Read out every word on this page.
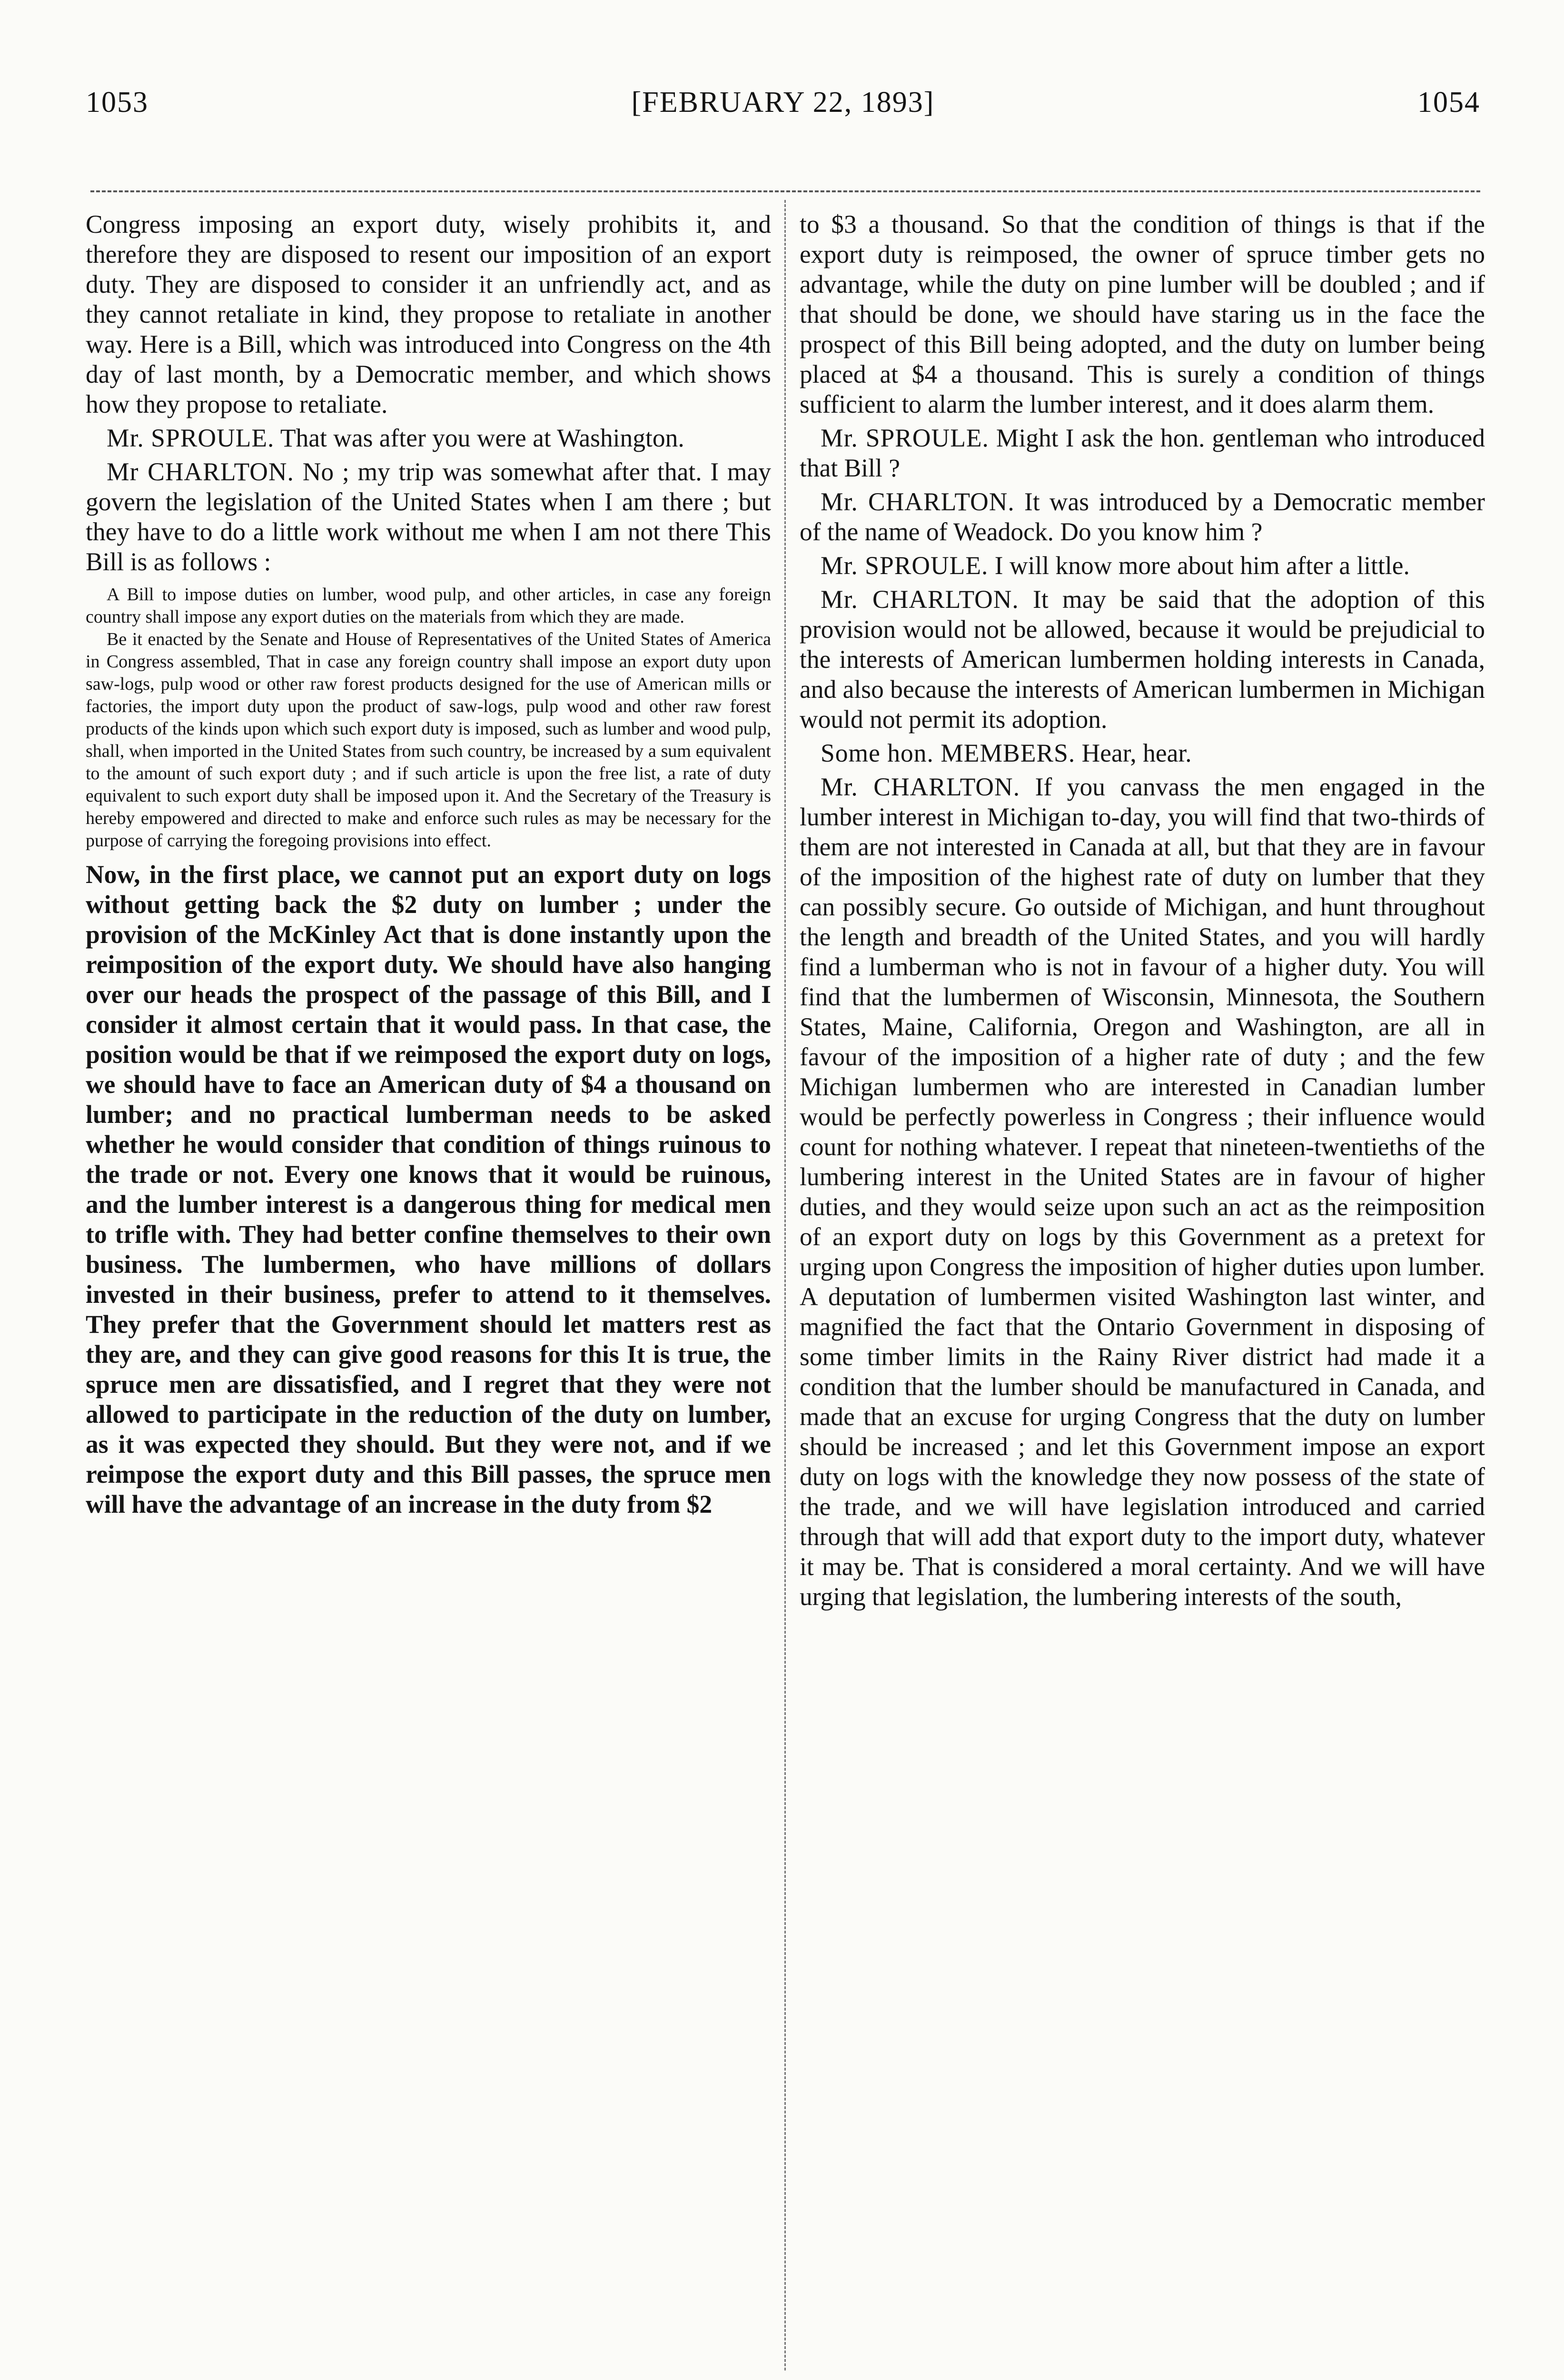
1053	[FEBRUARY 22, 1893]	1054

Congress imposing an export duty, wisely prohibits it, and therefore they are disposed to resent our imposition of an export duty. They are disposed to consider it an unfriendly act, and as they cannot retaliate in kind, they propose to retaliate in another way. Here is a Bill, which was introduced into Congress on the 4th day of last month, by a Democratic member, and which shows how they propose to retaliate.

Mr. SPROULE. That was after you were at Washington.

Mr CHARLTON. No ; my trip was somewhat after that. I may govern the legislation of the United States when I am there ; but they have to do a little work without me when I am not there This Bill is as follows :

A Bill to impose duties on lumber, wood pulp, and other articles, in case any foreign country shall impose any export duties on the materials from which they are made.

Be it enacted by the Senate and House of Representatives of the United States of America in Congress assembled, That in case any foreign country shall impose an export duty upon saw-logs, pulp wood or other raw forest products designed for the use of American mills or factories, the import duty upon the product of saw-logs, pulp wood and other raw forest products of the kinds upon which such export duty is imposed, such as lumber and wood pulp, shall, when imported in the United States from such country, be increased by a sum equivalent to the amount of such export duty ; and if such article is upon the free list, a rate of duty equivalent to such export duty shall be imposed upon it. And the Secretary of the Treasury is hereby empowered and directed to make and enforce such rules as may be necessary for the purpose of carrying the foregoing provisions into effect.

Now, in the first place, we cannot put an export duty on logs without getting back the $2 duty on lumber ; under the provision of the McKinley Act that is done instantly upon the reimposition of the export duty. We should have also hanging over our heads the prospect of the passage of this Bill, and I consider it almost certain that it would pass. In that case, the position would be that if we reimposed the export duty on logs, we should have to face an American duty of $4 a thousand on lumber; and no practical lumberman needs to be asked whether he would consider that condition of things ruinous to the trade or not. Every one knows that it would be ruinous, and the lumber interest is a dangerous thing for medical men to trifle with. They had better confine themselves to their own business. The lumbermen, who have millions of dollars invested in their business, prefer to attend to it themselves. They prefer that the Government should let matters rest as they are, and they can give good reasons for this It is true, the spruce men are dissatisfied, and I regret that they were not allowed to participate in the reduction of the duty on lumber, as it was expected they should. But they were not, and if we reimpose the export duty and this Bill passes, the spruce men will have the advantage of an increase in the duty from $2

to $3 a thousand. So that the condition of things is that if the export duty is reimposed, the owner of spruce timber gets no advantage, while the duty on pine lumber will be doubled ; and if that should be done, we should have staring us in the face the prospect of this Bill being adopted, and the duty on lumber being placed at $4 a thousand. This is surely a condition of things sufficient to alarm the lumber interest, and it does alarm them.

Mr. SPROULE. Might I ask the hon. gentleman who introduced that Bill ?

Mr. CHARLTON. It was introduced by a Democratic member of the name of Weadock. Do you know him ?

Mr. SPROULE. I will know more about him after a little.

Mr. CHARLTON. It may be said that the adoption of this provision would not be allowed, because it would be prejudicial to the interests of American lumbermen holding interests in Canada, and also because the interests of American lumbermen in Michigan would not permit its adoption.

Some hon. MEMBERS. Hear, hear.

Mr. CHARLTON. If you canvass the men engaged in the lumber interest in Michigan to-day, you will find that two-thirds of them are not interested in Canada at all, but that they are in favour of the imposition of the highest rate of duty on lumber that they can possibly secure. Go outside of Michigan, and hunt throughout the length and breadth of the United States, and you will hardly find a lumberman who is not in favour of a higher duty. You will find that the lumbermen of Wisconsin, Minnesota, the Southern States, Maine, California, Oregon and Washington, are all in favour of the imposition of a higher rate of duty ; and the few Michigan lumbermen who are interested in Canadian lumber would be perfectly powerless in Congress ; their influence would count for nothing whatever. I repeat that nineteen-twentieths of the lumbering interest in the United States are in favour of higher duties, and they would seize upon such an act as the reimposition of an export duty on logs by this Government as a pretext for urging upon Congress the imposition of higher duties upon lumber. A deputation of lumbermen visited Washington last winter, and magnified the fact that the Ontario Government in disposing of some timber limits in the Rainy River district had made it a condition that the lumber should be manufactured in Canada, and made that an excuse for urging Congress that the duty on lumber should be increased ; and let this Government impose an export duty on logs with the knowledge they now possess of the state of the trade, and we will have legislation introduced and carried through that will add that export duty to the import duty, whatever it may be. That is considered a moral certainty. And we will have urging that legislation, the lumbering interests of the south,
